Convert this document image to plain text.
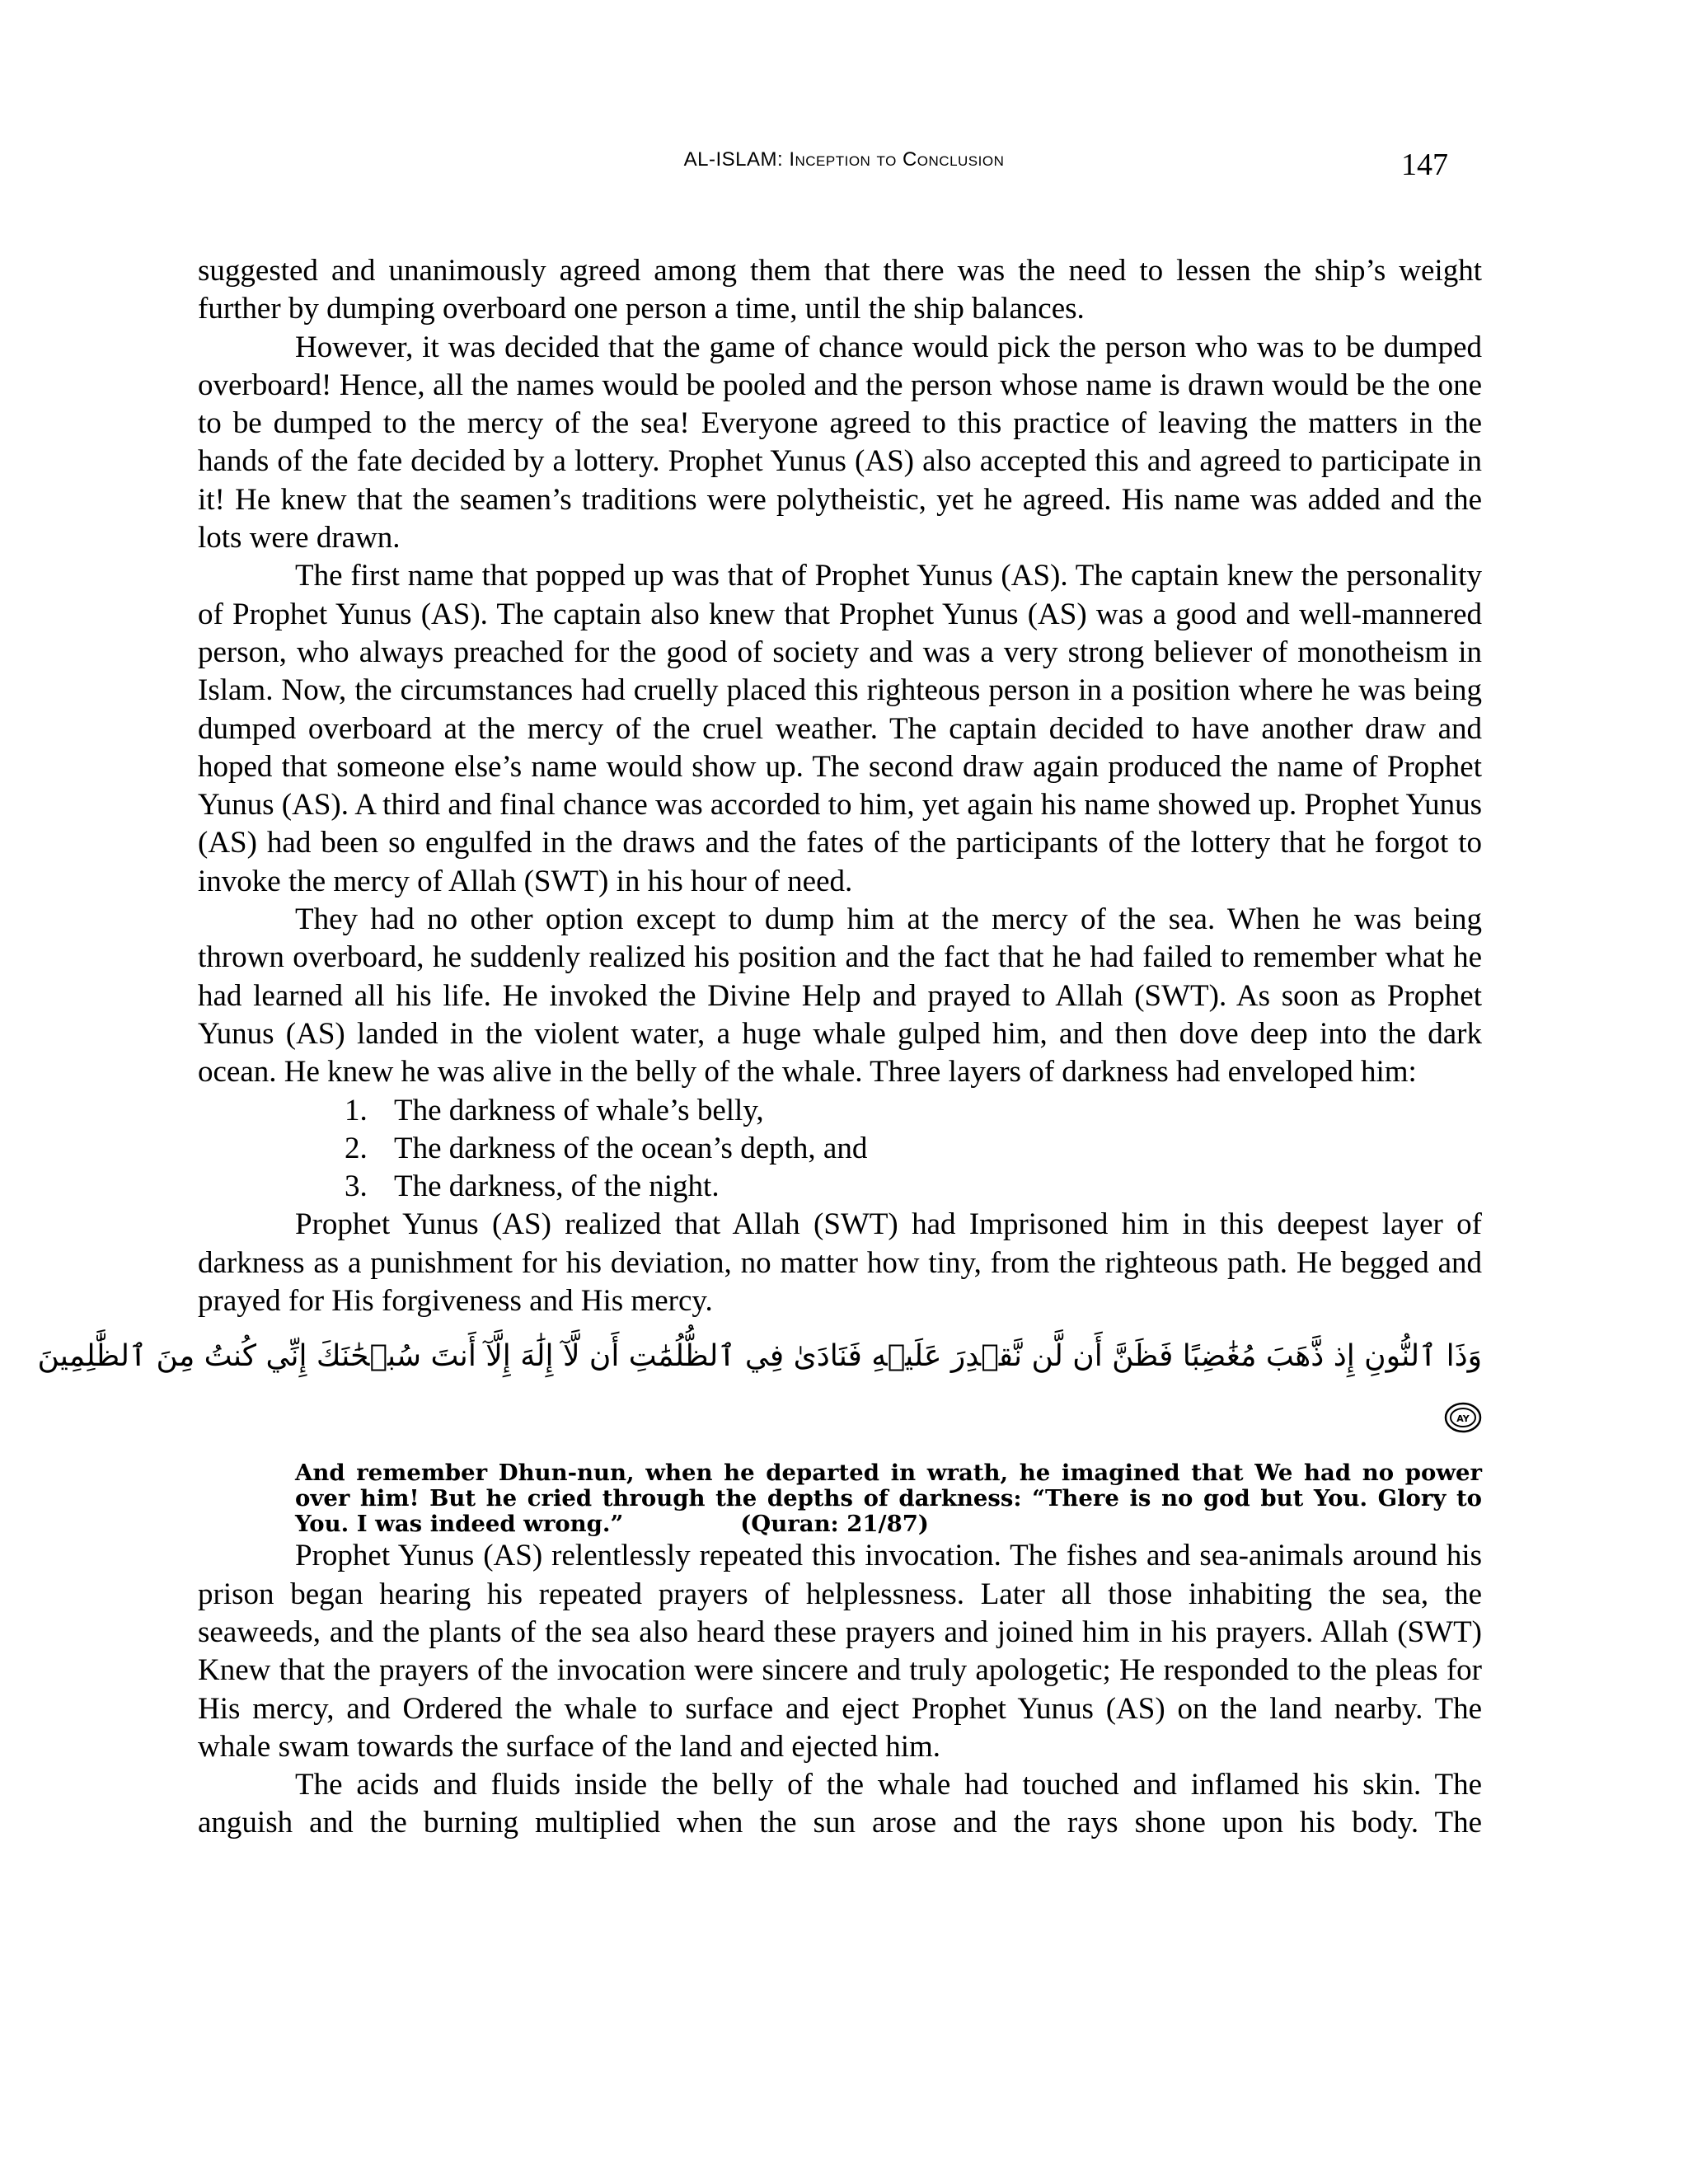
AL-ISLAM: Inception to Conclusion	147

suggested and unanimously agreed among them that there was the need to lessen the ship’s weight further by dumping overboard one person a time, until the ship balances.

However, it was decided that the game of chance would pick the person who was to be dumped overboard! Hence, all the names would be pooled and the person whose name is drawn would be the one to be dumped to the mercy of the sea! Everyone agreed to this practice of leaving the matters in the hands of the fate decided by a lottery. Prophet Yunus (AS) also accepted this and agreed to participate in it! He knew that the seamen’s traditions were polytheistic, yet he agreed. His name was added and the lots were drawn.

The first name that popped up was that of Prophet Yunus (AS). The captain knew the personality of Prophet Yunus (AS). The captain also knew that Prophet Yunus (AS) was a good and well-mannered person, who always preached for the good of society and was a very strong believer of monotheism in Islam. Now, the circumstances had cruelly placed this righteous person in a position where he was being dumped overboard at the mercy of the cruel weather. The captain decided to have another draw and hoped that someone else’s name would show up. The second draw again produced the name of Prophet Yunus (AS). A third and final chance was accorded to him, yet again his name showed up. Prophet Yunus (AS) had been so engulfed in the draws and the fates of the participants of the lottery that he forgot to invoke the mercy of Allah (SWT) in his hour of need.

They had no other option except to dump him at the mercy of the sea. When he was being thrown overboard, he suddenly realized his position and the fact that he had failed to remember what he had learned all his life. He invoked the Divine Help and prayed to Allah (SWT). As soon as Prophet Yunus (AS) landed in the violent water, a huge whale gulped him, and then dove deep into the dark ocean. He knew he was alive in the belly of the whale. Three layers of darkness had enveloped him:

1. The darkness of whale’s belly,
2. The darkness of the ocean’s depth, and
3. The darkness, of the night.

Prophet Yunus (AS) realized that Allah (SWT) had Imprisoned him in this deepest layer of darkness as a punishment for his deviation, no matter how tiny, from the righteous path. He begged and prayed for His forgiveness and His mercy.

وَذَا ٱلنُّونِ إِذ ذَّهَبَ مُغَٰضِبًا فَظَنَّ أَن لَّن نَّقۡدِرَ عَلَيۡهِ فَنَادَىٰ فِي ٱلظُّلُمَٰتِ أَن لَّآ إِلَٰهَ إِلَّآ أَنتَ سُبۡحَٰنَكَ إِنِّي كُنتُ مِنَ ٱلظَّٰلِمِينَ
AY

And remember Dhun-nun, when he departed in wrath, he imagined that We had no power over him! But he cried through the depths of darkness: “There is no god but You. Glory to You. I was indeed wrong.”	(Quran: 21/87)

Prophet Yunus (AS) relentlessly repeated this invocation. The fishes and sea-animals around his prison began hearing his repeated prayers of helplessness. Later all those inhabiting the sea, the seaweeds, and the plants of the sea also heard these prayers and joined him in his prayers. Allah (SWT) Knew that the prayers of the invocation were sincere and truly apologetic; He responded to the pleas for His mercy, and Ordered the whale to surface and eject Prophet Yunus (AS) on the land nearby. The whale swam towards the surface of the land and ejected him.

The acids and fluids inside the belly of the whale had touched and inflamed his skin. The anguish and the burning multiplied when the sun arose and the rays shone upon his body. The
